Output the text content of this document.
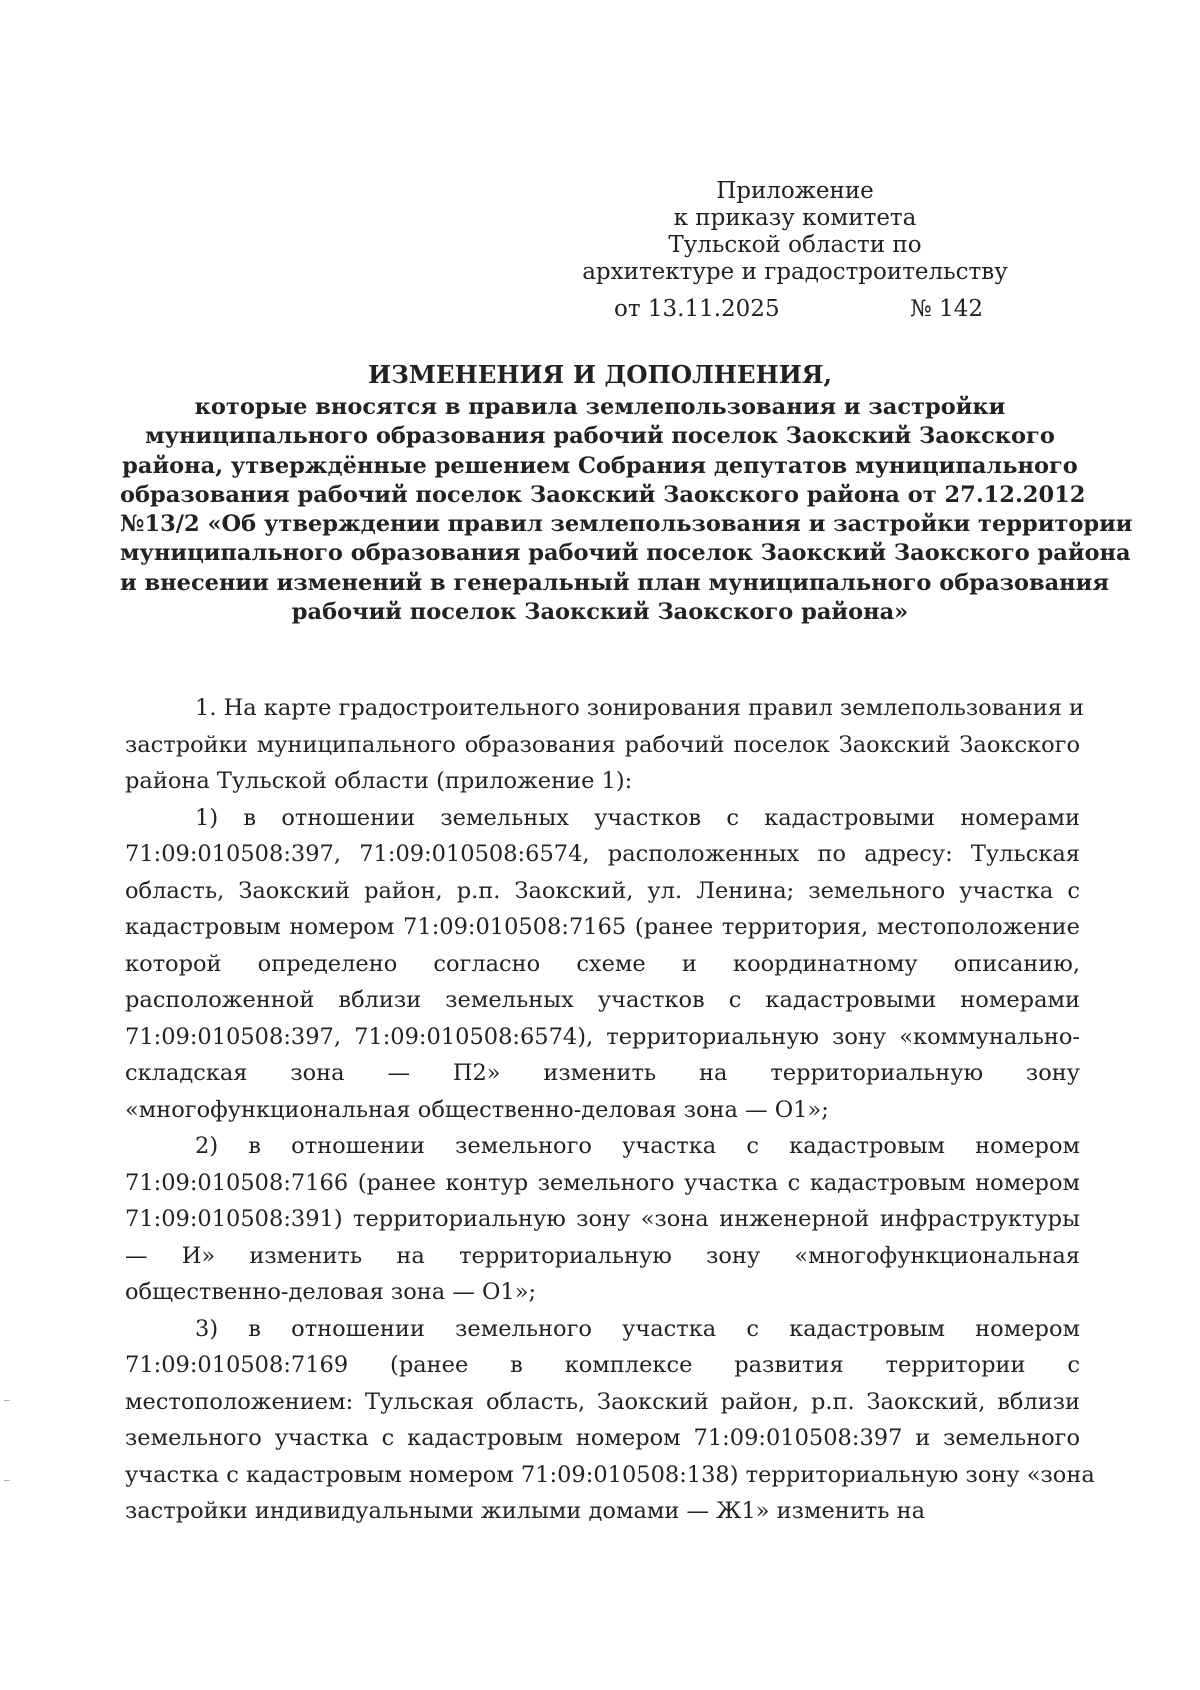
Приложение
к приказу комитета
Тульской области по
архитектуре и градостроительству
от 13.11.2025	№ 142
ИЗМЕНЕНИЯ И ДОПОЛНЕНИЯ,
которые вносятся в правила землепользования и застройки
муниципального образования рабочий поселок Заокский Заокского
района, утверждённые решением Собрания депутатов муниципального
образования рабочий поселок Заокский Заокского района от 27.12.2012
№13/2 «Об утверждении правил землепользования и застройки территории
муниципального образования рабочий поселок Заокский Заокского района
и внесении изменений в генеральный план муниципального образования
рабочий поселок Заокский Заокского района»
1. На карте градостроительного зонирования правил землепользования и
застройки муниципального образования рабочий поселок Заокский Заокского
района Тульской области (приложение 1):
1) в отношении земельных участков с кадастровыми номерами
71:09:010508:397, 71:09:010508:6574, расположенных по адресу: Тульская
область, Заокский район, р.п. Заокский, ул. Ленина; земельного участка с
кадастровым номером 71:09:010508:7165 (ранее территория, местоположение
которой определено согласно схеме и координатному описанию,
расположенной вблизи земельных участков с кадастровыми номерами
71:09:010508:397, 71:09:010508:6574), территориальную зону «коммунально-
складская зона — П2» изменить на территориальную зону
«многофункциональная общественно-деловая зона — О1»;
2) в отношении земельного участка с кадастровым номером
71:09:010508:7166 (ранее контур земельного участка с кадастровым номером
71:09:010508:391) территориальную зону «зона инженерной инфраструктуры
— И» изменить на территориальную зону «многофункциональная
общественно-деловая зона — О1»;
3) в отношении земельного участка с кадастровым номером
71:09:010508:7169 (ранее в комплексе развития территории с
местоположением: Тульская область, Заокский район, р.п. Заокский, вблизи
земельного участка с кадастровым номером 71:09:010508:397 и земельного
участка с кадастровым номером 71:09:010508:138) территориальную зону «зона
застройки индивидуальными жилыми домами — Ж1» изменить на
